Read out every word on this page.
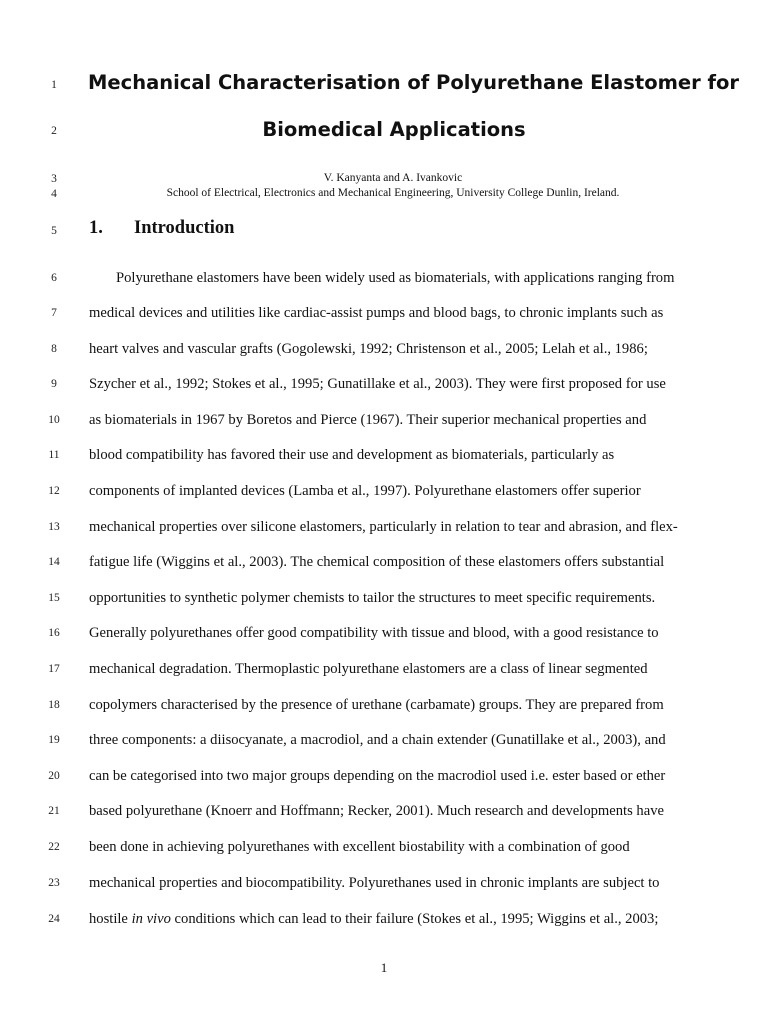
1
2
3
4
5
6
7
8
9
10
11
12
13
14
15
16
17
18
19
20
21
22
23
24
Mechanical Characterisation of Polyurethane Elastomer for
Biomedical Applications
V. Kanyanta and A. Ivankovic
School of Electrical, Electronics and Mechanical Engineering, University College Dunlin, Ireland.
1. Introduction
Polyurethane elastomers have been widely used as biomaterials, with applications ranging from
medical devices and utilities like cardiac-assist pumps and blood bags, to chronic implants such as
heart valves and vascular grafts (Gogolewski, 1992; Christenson et al., 2005; Lelah et al., 1986;
Szycher et al., 1992; Stokes et al., 1995; Gunatillake et al., 2003). They were first proposed for use
as biomaterials in 1967 by Boretos and Pierce (1967). Their superior mechanical properties and
blood compatibility has favored their use and development as biomaterials, particularly as
components of implanted devices (Lamba et al., 1997). Polyurethane elastomers offer superior
mechanical properties over silicone elastomers, particularly in relation to tear and abrasion, and flex-
fatigue life (Wiggins et al., 2003). The chemical composition of these elastomers offers substantial
opportunities to synthetic polymer chemists to tailor the structures to meet specific requirements.
Generally polyurethanes offer good compatibility with tissue and blood, with a good resistance to
mechanical degradation. Thermoplastic polyurethane elastomers are a class of linear segmented
copolymers characterised by the presence of urethane (carbamate) groups. They are prepared from
three components: a diisocyanate, a macrodiol, and a chain extender (Gunatillake et al., 2003), and
can be categorised into two major groups depending on the macrodiol used i.e. ester based or ether
based polyurethane (Knoerr and Hoffmann; Recker, 2001). Much research and developments have
been done in achieving polyurethanes with excellent biostability with a combination of good
mechanical properties and biocompatibility. Polyurethanes used in chronic implants are subject to
hostile in vivo conditions which can lead to their failure (Stokes et al., 1995; Wiggins et al., 2003;
1
